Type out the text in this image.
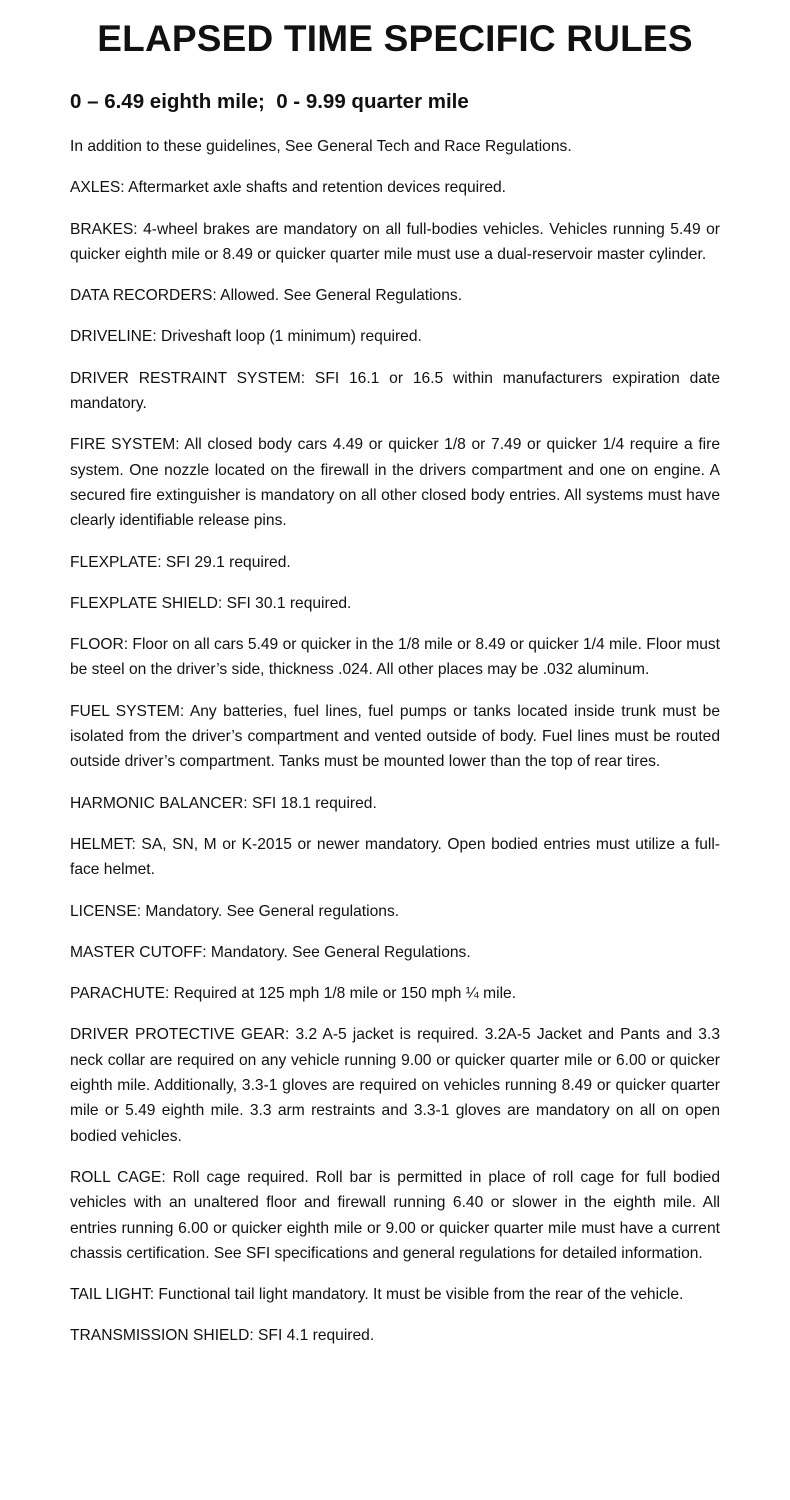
ELAPSED TIME SPECIFIC RULES
0 – 6.49 eighth mile;  0 - 9.99 quarter mile

In addition to these guidelines, See General Tech and Race Regulations.

AXLES: Aftermarket axle shafts and retention devices required.

BRAKES: 4-wheel brakes are mandatory on all full-bodies vehicles. Vehicles running 5.49 or quicker eighth mile or 8.49 or quicker quarter mile must use a dual-reservoir master cylinder.

DATA RECORDERS: Allowed. See General Regulations.

DRIVELINE: Driveshaft loop (1 minimum) required.

DRIVER RESTRAINT SYSTEM: SFI 16.1 or 16.5 within manufacturers expiration date mandatory.

FIRE SYSTEM: All closed body cars 4.49 or quicker 1/8 or 7.49 or quicker 1/4 require a fire system. One nozzle located on the firewall in the drivers compartment and one on engine. A secured fire extinguisher is mandatory on all other closed body entries. All systems must have clearly identifiable release pins.

FLEXPLATE: SFI 29.1 required.

FLEXPLATE SHIELD: SFI 30.1 required.

FLOOR: Floor on all cars 5.49 or quicker in the 1/8 mile or 8.49 or quicker 1/4 mile. Floor must be steel on the driver’s side, thickness .024. All other places may be .032 aluminum.

FUEL SYSTEM: Any batteries, fuel lines, fuel pumps or tanks located inside trunk must be isolated from the driver’s compartment and vented outside of body. Fuel lines must be routed outside driver’s compartment. Tanks must be mounted lower than the top of rear tires.

HARMONIC BALANCER: SFI 18.1 required.

HELMET: SA, SN, M or K-2015 or newer mandatory. Open bodied entries must utilize a full-face helmet.

LICENSE: Mandatory. See General regulations.

MASTER CUTOFF: Mandatory. See General Regulations.

PARACHUTE: Required at 125 mph 1/8 mile or 150 mph ¼ mile.

DRIVER PROTECTIVE GEAR: 3.2 A-5 jacket is required. 3.2A-5 Jacket and Pants and 3.3 neck collar are required on any vehicle running 9.00 or quicker quarter mile or 6.00 or quicker eighth mile. Additionally, 3.3-1 gloves are required on vehicles running 8.49 or quicker quarter mile or 5.49 eighth mile. 3.3 arm restraints and 3.3-1 gloves are mandatory on all on open bodied vehicles.

ROLL CAGE: Roll cage required. Roll bar is permitted in place of roll cage for full bodied vehicles with an unaltered floor and firewall running 6.40 or slower in the eighth mile. All entries running 6.00 or quicker eighth mile or 9.00 or quicker quarter mile must have a current chassis certification. See SFI specifications and general regulations for detailed information.

TAIL LIGHT: Functional tail light mandatory. It must be visible from the rear of the vehicle.

TRANSMISSION SHIELD: SFI 4.1 required.
